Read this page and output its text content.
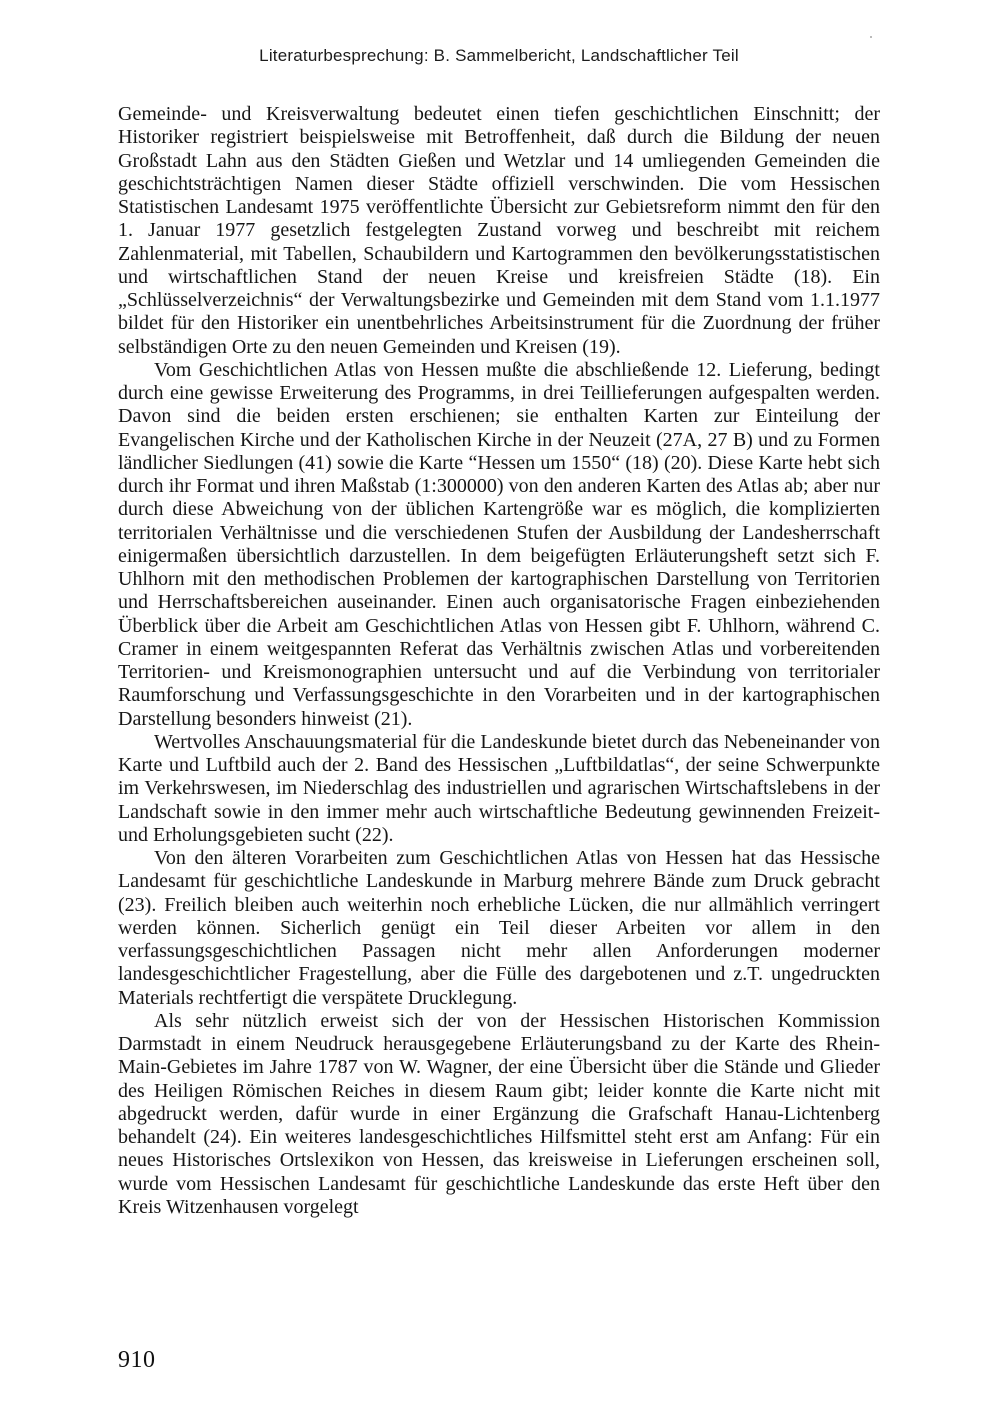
Literaturbesprechung: B. Sammelbericht, Landschaftlicher Teil

Gemeinde- und Kreisverwaltung bedeutet einen tiefen geschichtlichen Einschnitt; der Historiker registriert beispielsweise mit Betroffenheit, daß durch die Bildung der neuen Großstadt Lahn aus den Städten Gießen und Wetzlar und 14 umliegenden Gemeinden die geschichtsträchtigen Namen dieser Städte offiziell verschwinden. Die vom Hessischen Statistischen Landesamt 1975 veröffentlichte Übersicht zur Gebietsreform nimmt den für den 1. Januar 1977 gesetzlich festgelegten Zustand vorweg und beschreibt mit reichem Zahlenmaterial, mit Tabellen, Schaubildern und Kartogrammen den bevölkerungsstatistischen und wirtschaftlichen Stand der neuen Kreise und kreisfreien Städte (18). Ein „Schlüsselverzeichnis“ der Verwaltungsbezirke und Gemeinden mit dem Stand vom 1.1.1977 bildet für den Historiker ein unentbehrliches Arbeitsinstrument für die Zuordnung der früher selbständigen Orte zu den neuen Gemeinden und Kreisen (19).

Vom Geschichtlichen Atlas von Hessen mußte die abschließende 12. Lieferung, bedingt durch eine gewisse Erweiterung des Programms, in drei Teillieferungen aufgespalten werden. Davon sind die beiden ersten erschienen; sie enthalten Karten zur Einteilung der Evangelischen Kirche und der Katholischen Kirche in der Neuzeit (27A, 27 B) und zu Formen ländlicher Siedlungen (41) sowie die Karte “Hessen um 1550“ (18) (20). Diese Karte hebt sich durch ihr Format und ihren Maßstab (1:300000) von den anderen Karten des Atlas ab; aber nur durch diese Abweichung von der üblichen Kartengröße war es möglich, die komplizierten territorialen Verhältnisse und die verschiedenen Stufen der Ausbildung der Landesherrschaft einigermaßen übersichtlich darzustellen. In dem beigefügten Erläuterungsheft setzt sich F. Uhlhorn mit den methodischen Problemen der kartographischen Darstellung von Territorien und Herrschaftsbereichen auseinander. Einen auch organisatorische Fragen einbeziehenden Überblick über die Arbeit am Geschichtlichen Atlas von Hessen gibt F. Uhlhorn, während C. Cramer in einem weitgespannten Referat das Verhältnis zwischen Atlas und vorbereitenden Territorien- und Kreismonographien untersucht und auf die Verbindung von territorialer Raumforschung und Verfassungsgeschichte in den Vorarbeiten und in der kartographischen Darstellung besonders hinweist (21).

Wertvolles Anschauungsmaterial für die Landeskunde bietet durch das Nebeneinander von Karte und Luftbild auch der 2. Band des Hessischen „Luftbildatlas“, der seine Schwerpunkte im Verkehrswesen, im Niederschlag des industriellen und agrarischen Wirtschaftslebens in der Landschaft sowie in den immer mehr auch wirtschaftliche Bedeutung gewinnenden Freizeit- und Erholungsgebieten sucht (22).

Von den älteren Vorarbeiten zum Geschichtlichen Atlas von Hessen hat das Hessische Landesamt für geschichtliche Landeskunde in Marburg mehrere Bände zum Druck gebracht (23). Freilich bleiben auch weiterhin noch erhebliche Lücken, die nur allmählich verringert werden können. Sicherlich genügt ein Teil dieser Arbeiten vor allem in den verfassungsgeschichtlichen Passagen nicht mehr allen Anforderungen moderner landesgeschichtlicher Fragestellung, aber die Fülle des dargebotenen und z.T. ungedruckten Materials rechtfertigt die verspätete Drucklegung.

Als sehr nützlich erweist sich der von der Hessischen Historischen Kommission Darmstadt in einem Neudruck herausgegebene Erläuterungsband zu der Karte des Rhein-Main-Gebietes im Jahre 1787 von W. Wagner, der eine Übersicht über die Stände und Glieder des Heiligen Römischen Reiches in diesem Raum gibt; leider konnte die Karte nicht mit abgedruckt werden, dafür wurde in einer Ergänzung die Grafschaft Hanau-Lichtenberg behandelt (24). Ein weiteres landesgeschichtliches Hilfsmittel steht erst am Anfang: Für ein neues Historisches Ortslexikon von Hessen, das kreisweise in Lieferungen erscheinen soll, wurde vom Hessischen Landesamt für geschichtliche Landeskunde das erste Heft über den Kreis Witzenhausen vorgelegt

910
